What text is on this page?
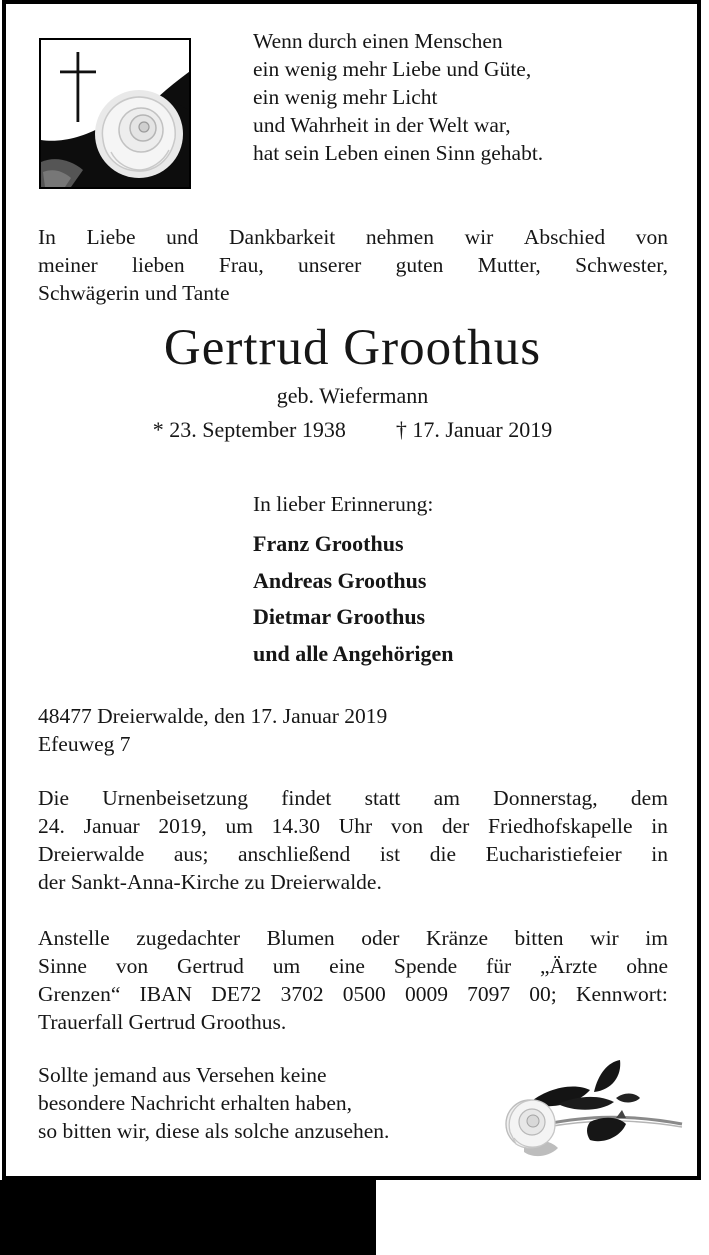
Wenn durch einen Menschen
ein wenig mehr Liebe und Güte,
ein wenig mehr Licht
und Wahrheit in der Welt war,
hat sein Leben einen Sinn gehabt.
In Liebe und Dankbarkeit nehmen wir Abschied von
meiner lieben Frau, unserer guten Mutter, Schwester,
Schwägerin und Tante
Gertrud Groothus
geb. Wiefermann
* 23. September 1938 † 17. Januar 2019
In lieber Erinnerung:
Franz Groothus
Andreas Groothus
Dietmar Groothus
und alle Angehörigen
48477 Dreierwalde, den 17. Januar 2019
Efeuweg 7
Die Urnenbeisetzung findet statt am Donnerstag, dem
24. Januar 2019, um 14.30 Uhr von der Friedhofskapelle in
Dreierwalde aus; anschließend ist die Eucharistiefeier in
der Sankt-Anna-Kirche zu Dreierwalde.
Anstelle zugedachter Blumen oder Kränze bitten wir im
Sinne von Gertrud um eine Spende für „Ärzte ohne
Grenzen“ IBAN DE72 3702 0500 0009 7097 00; Kennwort:
Trauerfall Gertrud Groothus.
Sollte jemand aus Versehen keine
besondere Nachricht erhalten haben,
so bitten wir, diese als solche anzusehen.
